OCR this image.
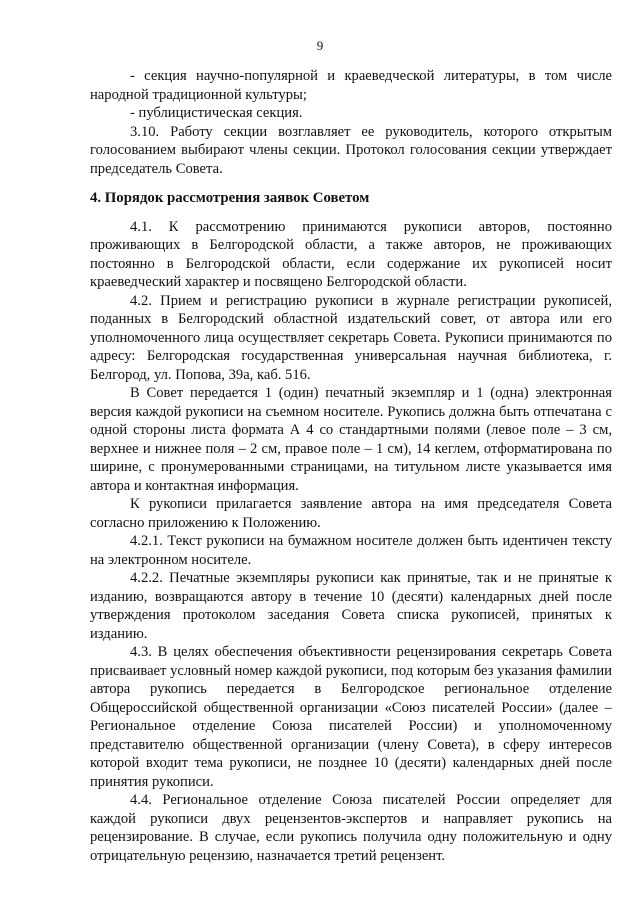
9

- секция научно-популярной и краеведческой литературы, в том числе народной традиционной культуры;

- публицистическая секция.

3.10. Работу секции возглавляет ее руководитель, которого открытым голосованием выбирают члены секции. Протокол голосования секции утверждает председатель Совета.

4. Порядок рассмотрения заявок Советом

4.1. К рассмотрению принимаются рукописи авторов, постоянно проживающих в Белгородской области, а также авторов, не проживающих постоянно в Белгородской области, если содержание их рукописей носит краеведческий характер и посвящено Белгородской области.

4.2. Прием и регистрацию рукописи в журнале регистрации рукописей, поданных в Белгородский областной издательский совет, от автора или его уполномоченного лица осуществляет секретарь Совета. Рукописи принимаются по адресу: Белгородская государственная универсальная научная библиотека, г. Белгород, ул. Попова, 39а, каб. 516.

В Совет передается 1 (один) печатный экземпляр и 1 (одна) электронная версия каждой рукописи на съемном носителе. Рукопись должна быть отпечатана с одной стороны листа формата А 4 со стандартными полями (левое поле – 3 см, верхнее и нижнее поля – 2 см, правое поле – 1 см), 14 кеглем, отформатирована по ширине, с пронумерованными страницами, на титульном листе указывается имя автора и контактная информация.

К рукописи прилагается заявление автора на имя председателя Совета согласно приложению к Положению.

4.2.1. Текст рукописи на бумажном носителе должен быть идентичен тексту на электронном носителе.

4.2.2. Печатные экземпляры рукописи как принятые, так и не принятые к изданию, возвращаются автору в течение 10 (десяти) календарных дней после утверждения протоколом заседания Совета списка рукописей, принятых к изданию.

4.3. В целях обеспечения объективности рецензирования секретарь Совета присваивает условный номер каждой рукописи, под которым без указания фамилии автора рукопись передается в Белгородское региональное отделение Общероссийской общественной организации «Союз писателей России» (далее – Региональное отделение Союза писателей России) и уполномоченному представителю общественной организации (члену Совета), в сферу интересов которой входит тема рукописи, не позднее 10 (десяти) календарных дней после принятия рукописи.

4.4. Региональное отделение Союза писателей России определяет для каждой рукописи двух рецензентов-экспертов и направляет рукопись на рецензирование. В случае, если рукопись получила одну положительную и одну отрицательную рецензию, назначается третий рецензент.
